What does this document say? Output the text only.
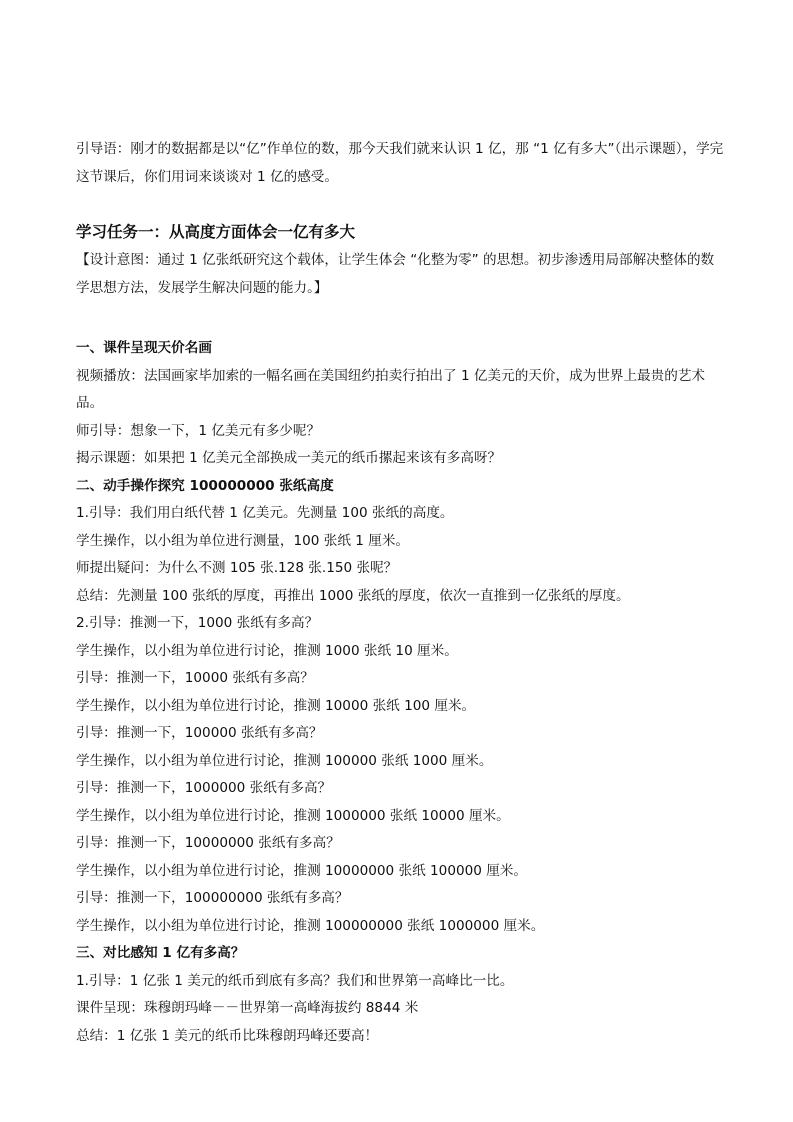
引导语：刚才的数据都是以“亿”作单位的数，那今天我们就来认识 1 亿，那 “1 亿有多大”（出示课题），学完这节课后，你们用词来谈谈对 1 亿的感受。

学习任务一：从高度方面体会一亿有多大

【设计意图：通过 1 亿张纸研究这个载体，让学生体会 “化整为零” 的思想。初步渗透用局部解决整体的数学思想方法，发展学生解决问题的能力。】

一、课件呈现天价名画

视频播放：法国画家毕加索的一幅名画在美国纽约拍卖行拍出了 1 亿美元的天价，成为世界上最贵的艺术品。

师引导：想象一下，1 亿美元有多少呢？

揭示课题：如果把 1 亿美元全部换成一美元的纸币摞起来该有多高呀？

二、动手操作探究 100000000 张纸高度

1.引导：我们用白纸代替 1 亿美元。先测量 100 张纸的高度。

学生操作，以小组为单位进行测量，100 张纸 1 厘米。

师提出疑问：为什么不测 105 张.128 张.150 张呢？

总结：先测量 100 张纸的厚度，再推出 1000 张纸的厚度，依次一直推到一亿张纸的厚度。

2.引导：推测一下，1000 张纸有多高？

学生操作，以小组为单位进行讨论，推测 1000 张纸 10 厘米。

引导：推测一下，10000 张纸有多高？

学生操作，以小组为单位进行讨论，推测 10000 张纸 100 厘米。

引导：推测一下，100000 张纸有多高？

学生操作，以小组为单位进行讨论，推测 100000 张纸 1000 厘米。

引导：推测一下，1000000 张纸有多高？

学生操作，以小组为单位进行讨论，推测 1000000 张纸 10000 厘米。

引导：推测一下，10000000 张纸有多高？

学生操作，以小组为单位进行讨论，推测 10000000 张纸 100000 厘米。

引导：推测一下，100000000 张纸有多高？

学生操作，以小组为单位进行讨论，推测 100000000 张纸 1000000 厘米。

三、对比感知 1 亿有多高？

1.引导：1 亿张 1 美元的纸币到底有多高？我们和世界第一高峰比一比。

课件呈现：珠穆朗玛峰－－世界第一高峰海拔约 8844 米

总结：1 亿张 1 美元的纸币比珠穆朗玛峰还要高！
